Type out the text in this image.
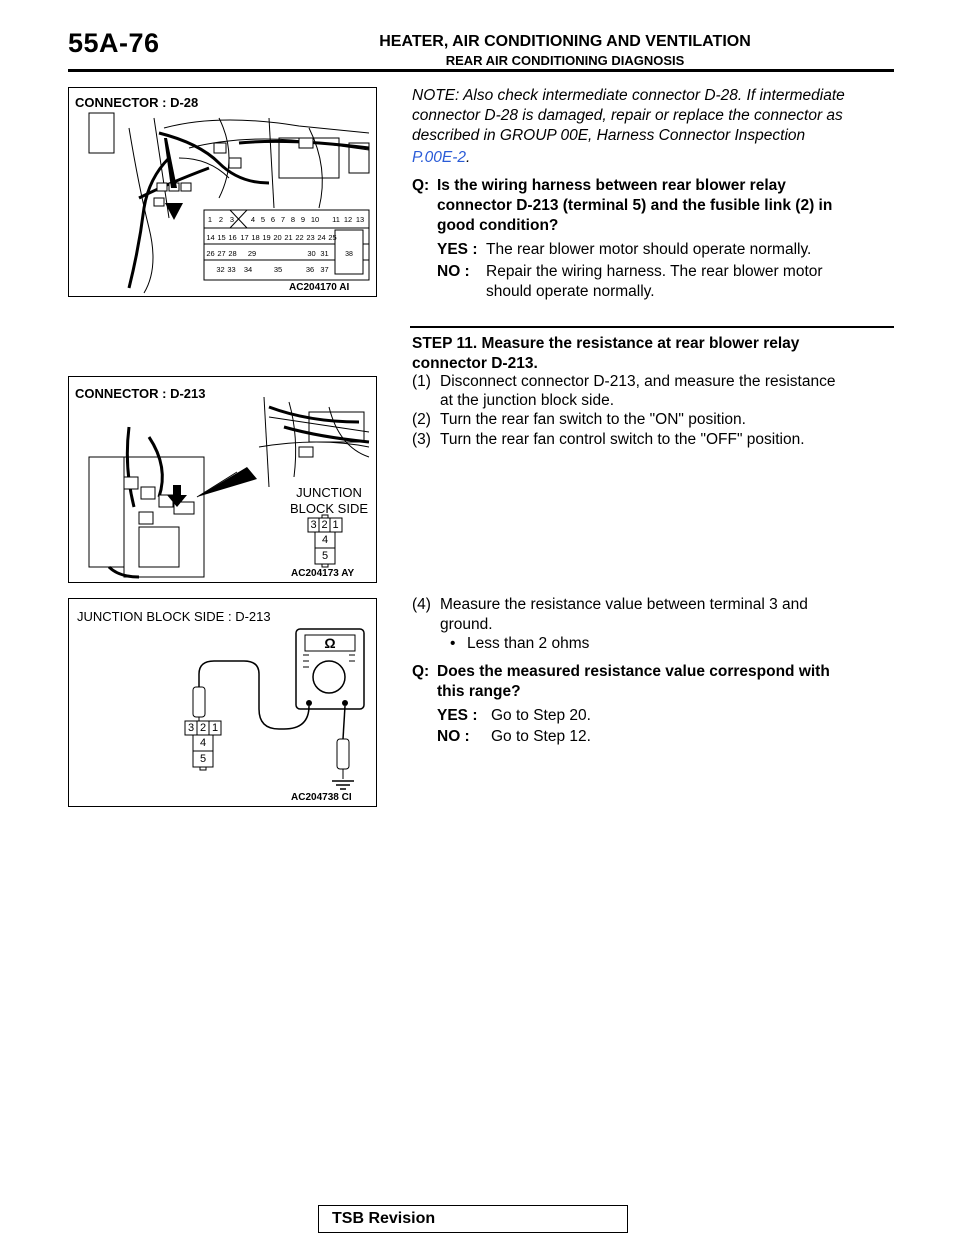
55A-76	HEATER, AIR CONDITIONING AND VENTILATION
REAR AIR CONDITIONING DIAGNOSIS
38
1 2 3	4 5 6 7 8 9 10 11 12 13
14 15 16 17 18 19 20 21 22 23 24 25
26 27 28	29	30 31
32 33	34	35	36 37
CONNECTOR : D-28
AC204170 AI
3 2 1
4
5
JUNCTION
BLOCK SIDE
CONNECTOR : D-213
AC204173 AY
Ω
3 2 1
4
5
JUNCTION BLOCK SIDE : D-213
AC204738 CI
NOTE: Also check intermediate connector D-28. If intermediate
connector D-28 is damaged, repair or replace the connector as
described in GROUP 00E, Harness Connector Inspection
P.00E-2.
Q: Is the wiring harness between rear blower relay
connector D-213 (terminal 5) and the fusible link (2) in
good condition?
YES : The rear blower motor should operate normally.
NO : Repair the wiring harness. The rear blower motor
should operate normally.
STEP 11. Measure the resistance at rear blower relay
connector D-213.
(1) Disconnect connector D-213, and measure the resistance
at the junction block side.
(2) Turn the rear fan switch to the "ON" position.
(3) Turn the rear fan control switch to the "OFF" position.
(4) Measure the resistance value between terminal 3 and
ground.
• Less than 2 ohms
Q: Does the measured resistance value correspond with
this range?
YES : Go to Step 20.
NO : Go to Step 12.
TSB Revision
